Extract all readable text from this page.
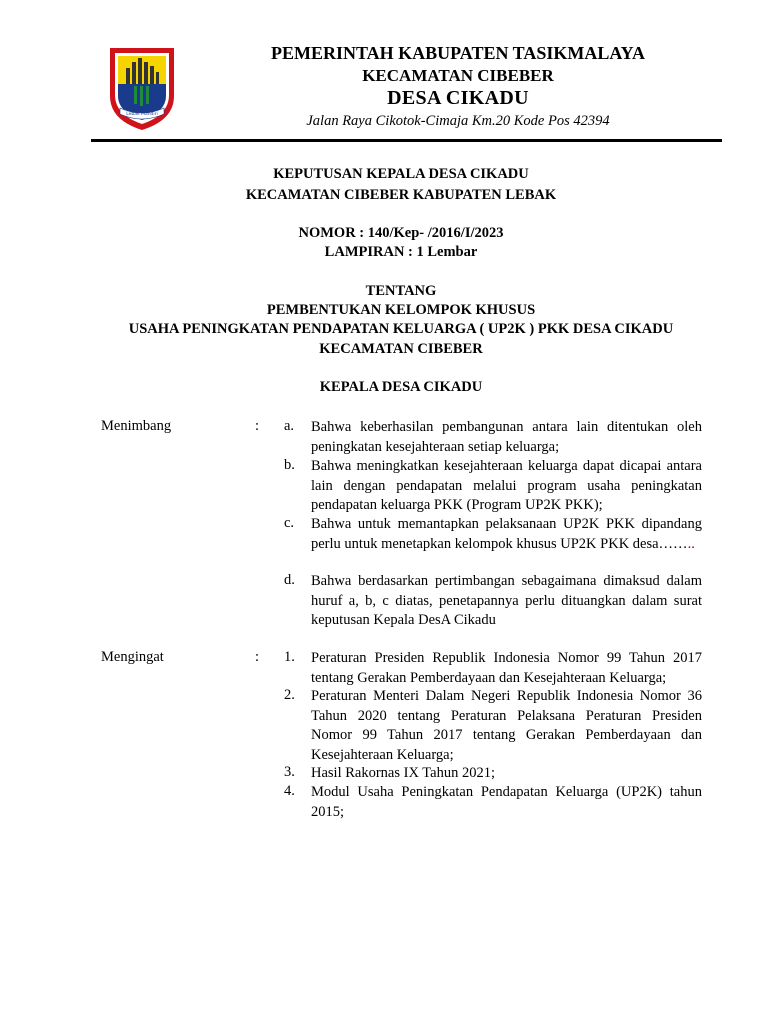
Lebak Mandiri
PEMERINTAH KABUPATEN TASIKMALAYA
KECAMATAN CIBEBER
DESA CIKADU
Jalan Raya Cikotok-Cimaja Km.20 Kode Pos 42394
KEPUTUSAN KEPALA DESA CIKADU
KECAMATAN CIBEBER KABUPATEN LEBAK
NOMOR : 140/Kep- /2016/I/2023
LAMPIRAN : 1 Lembar
TENTANG
PEMBENTUKAN KELOMPOK KHUSUS
USAHA PENINGKATAN PENDAPATAN KELUARGA ( UP2K ) PKK DESA CIKADU
KECAMATAN CIBEBER
KEPALA DESA CIKADU
Menimbang	: a. Bahwa keberhasilan pembangunan antara lain ditentukan oleh peningkatan kesejahteraan setiap keluarga;
b. Bahwa meningkatkan kesejahteraan keluarga dapat dicapai antara lain dengan pendapatan melalui program usaha peningkatan pendapatan keluarga PKK (Program UP2K PKK);
c. Bahwa untuk memantapkan pelaksanaan UP2K PKK dipandang perlu untuk menetapkan kelompok khusus UP2K PKK desa……..
d. Bahwa berdasarkan pertimbangan sebagaimana dimaksud dalam huruf a, b, c diatas, penetapannya perlu dituangkan dalam surat keputusan Kepala DesA Cikadu
Mengingat	: 1. Peraturan Presiden Republik Indonesia Nomor 99 Tahun 2017 tentang Gerakan Pemberdayaan dan Kesejahteraan Keluarga;
2. Peraturan Menteri Dalam Negeri Republik Indonesia Nomor 36 Tahun 2020 tentang Peraturan Pelaksana Peraturan Presiden Nomor 99 Tahun 2017 tentang Gerakan Pemberdayaan dan Kesejahteraan Keluarga;
3. Hasil Rakornas IX Tahun 2021;
4. Modul Usaha Peningkatan Pendapatan Keluarga (UP2K) tahun 2015;
